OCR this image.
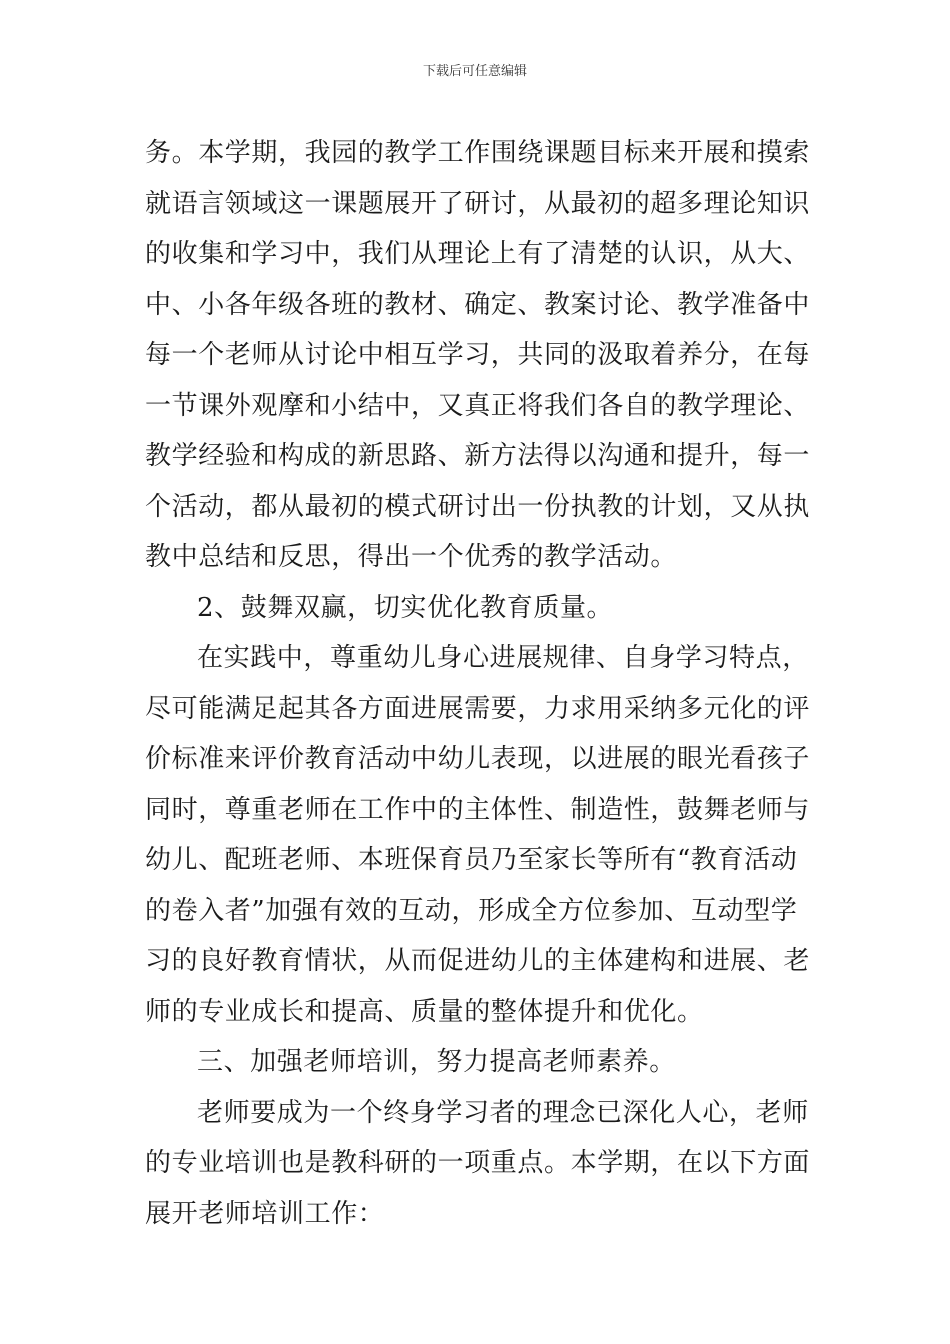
下载后可任意编辑
务。本学期，我园的教学工作围绕课题目标来开展和摸索
就语言领域这一课题展开了研讨，从最初的超多理论知识
的收集和学习中，我们从理论上有了清楚的认识，从大、
中、小各年级各班的教材、确定、教案讨论、教学准备中
每一个老师从讨论中相互学习，共同的汲取着养分，在每
一节课外观摩和小结中，又真正将我们各自的教学理论、
教学经验和构成的新思路、新方法得以沟通和提升，每一
个活动，都从最初的模式研讨出一份执教的计划，又从执
教中总结和反思，得出一个优秀的教学活动。
2、鼓舞双赢，切实优化教育质量。
在实践中，尊重幼儿身心进展规律、自身学习特点，
尽可能满足起其各方面进展需要，力求用采纳多元化的评
价标准来评价教育活动中幼儿表现，以进展的眼光看孩子
同时，尊重老师在工作中的主体性、制造性，鼓舞老师与
幼儿、配班老师、本班保育员乃至家长等所有“教育活动
的卷入者”加强有效的互动，形成全方位参加、互动型学
习的良好教育情状，从而促进幼儿的主体建构和进展、老
师的专业成长和提高、质量的整体提升和优化。
三、加强老师培训，努力提高老师素养。
老师要成为一个终身学习者的理念已深化人心，老师
的专业培训也是教科研的一项重点。本学期，在以下方面
展开老师培训工作：
